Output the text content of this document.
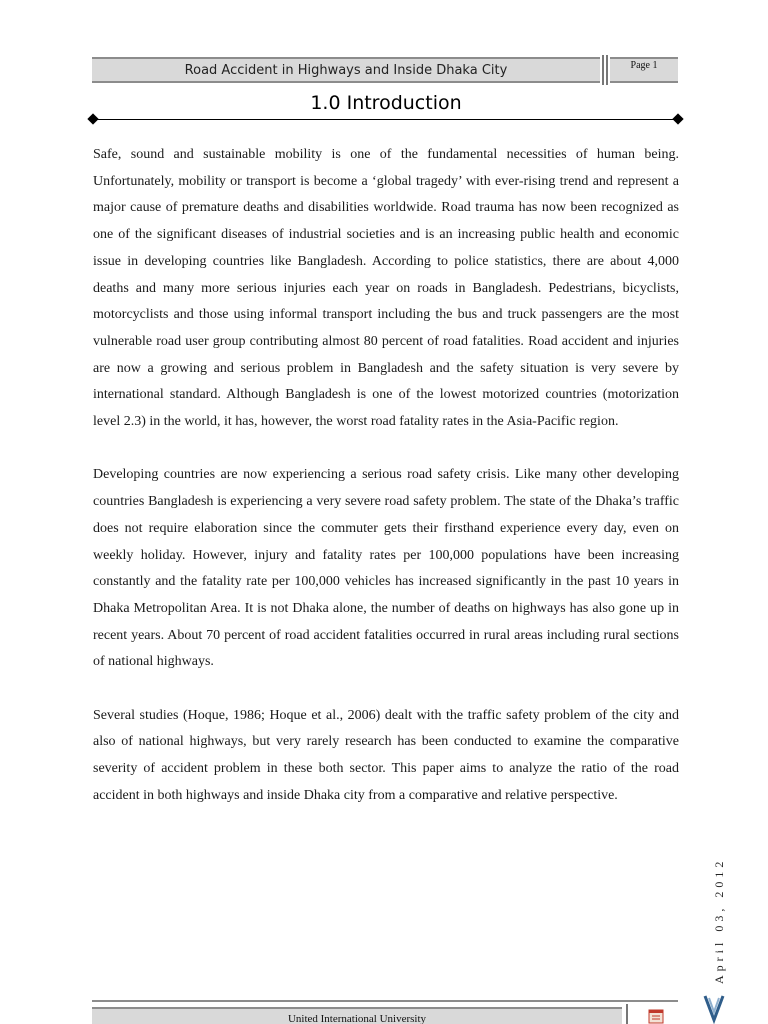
Road Accident in Highways and Inside Dhaka City	Page 1
1.0 Introduction

Safe, sound and sustainable mobility is one of the fundamental necessities of human being. Unfortunately, mobility or transport is become a ‘global tragedy’ with ever-rising trend and represent a major cause of premature deaths and disabilities worldwide. Road trauma has now been recognized as one of the significant diseases of industrial societies and is an increasing public health and economic issue in developing countries like Bangladesh. According to police statistics, there are about 4,000 deaths and many more serious injuries each year on roads in Bangladesh. Pedestrians, bicyclists, motorcyclists and those using informal transport including the bus and truck passengers are the most vulnerable road user group contributing almost 80 percent of road fatalities. Road accident and injuries are now a growing and serious problem in Bangladesh and the safety situation is very severe by international standard. Although Bangladesh is one of the lowest motorized countries (motorization level 2.3) in the world, it has, however, the worst road fatality rates in the Asia-Pacific region.

Developing countries are now experiencing a serious road safety crisis. Like many other developing countries Bangladesh is experiencing a very severe road safety problem. The state of the Dhaka’s traffic does not require elaboration since the commuter gets their firsthand experience every day, even on weekly holiday. However, injury and fatality rates per 100,000 populations have been increasing constantly and the fatality rate per 100,000 vehicles has increased significantly in the past 10 years in Dhaka Metropolitan Area. It is not Dhaka alone, the number of deaths on highways has also gone up in recent years. About 70 percent of road accident fatalities occurred in rural areas including rural sections of national highways.

Several studies (Hoque, 1986; Hoque et al., 2006) dealt with the traffic safety problem of the city and also of national highways, but very rarely research has been conducted to examine the comparative severity of accident problem in these both sector. This paper aims to analyze the ratio of the road accident in both highways and inside Dhaka city from a comparative and relative perspective.

April 03, 2012
United International University
